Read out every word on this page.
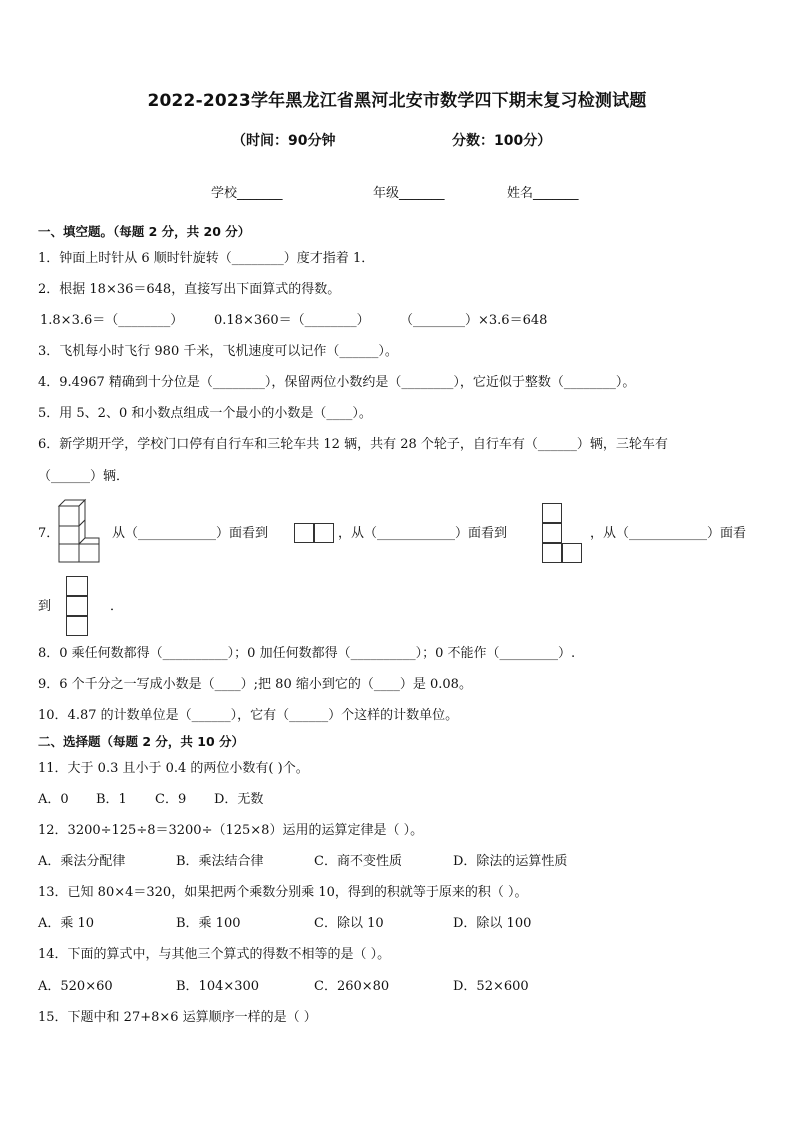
2022-2023学年黑龙江省黑河北安市数学四下期末复习检测试题
（时间：90分钟	分数：100分）
学校_______	年级_______	姓名_______
一、填空题。（每题 2 分，共 20 分）
1．钟面上时针从 6 顺时针旋转（________）度才指着 1．
2．根据 18×36＝648，直接写出下面算式的得数。
1.8×3.6＝（________） 0.18×360＝（________） （________）×3.6＝648
3．飞机每小时飞行 980 千米，飞机速度可以记作（______）。
4．9.4967 精确到十分位是（________），保留两位小数约是（________），它近似于整数（________）。
5．用 5、2、0 和小数点组成一个最小的小数是（____）。
6．新学期开学，学校门口停有自行车和三轮车共 12 辆，共有 28 个轮子，自行车有（______）辆，三轮车有
（______）辆．
7．	从（____________）面看到	，从（____________）面看到	，从（____________）面看
到	．
8．0 乘任何数都得（__________）；0 加任何数都得（__________）；0 不能作（_________）.
9．6 个千分之一写成小数是（____）;把 80 缩小到它的（____）是 0.08。
10．4.87 的计数单位是（______），它有（______）个这样的计数单位。
二、选择题（每题 2 分，共 10 分）
11．大于 0.3 且小于 0.4 的两位小数有( )个。
A．0 B．1 C．9 D．无数
12．3200÷125÷8＝3200÷（125×8）运用的运算定律是（ ）。
A．乘法分配律	B．乘法结合律	C．商不变性质	D．除法的运算性质
13．已知 80×4＝320，如果把两个乘数分别乘 10，得到的积就等于原来的积（ ）。
A．乘 10	B．乘 100	C．除以 10	D．除以 100
14．下面的算式中，与其他三个算式的得数不相等的是（ ）。
A．520×60	B．104×300	C．260×80	D．52×600
15．下题中和 27+8×6 运算顺序一样的是（ ）
